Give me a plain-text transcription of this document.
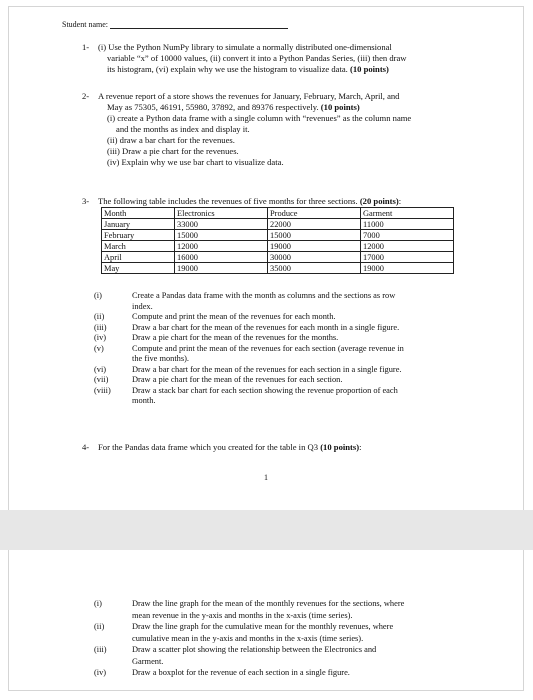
Student name:
1- (i) Use the Python NumPy library to simulate a normally distributed one-dimensional
variable “x” of 10000 values, (ii) convert it into a Python Pandas Series, (iii) then draw
its histogram, (vi) explain why we use the histogram to visualize data. (10 points)
2- A revenue report of a store shows the revenues for January, February, March, April, and
May as 75305, 46191, 55980, 37892, and 89376 respectively. (10 points)
(i) create a Python data frame with a single column with “revenues” as the column name
and the months as index and display it.
(ii) draw a bar chart for the revenues.
(iii) Draw a pie chart for the revenues.
(iv) Explain why we use bar chart to visualize data.
3- The following table includes the revenues of five months for three sections. (20 points):
Month	Electronics	Produce	Garment
January	33000	22000	11000
February	15000	15000	7000
March	12000	19000	12000
April	16000	30000	17000
May	19000	35000	19000
(i)	Create a Pandas data frame with the month as columns and the sections as row
index.
(ii)	Compute and print the mean of the revenues for each month.
(iii)	Draw a bar chart for the mean of the revenues for each month in a single figure.
(iv)	Draw a pie chart for the mean of the revenues for the months.
(v)	Compute and print the mean of the revenues for each section (average revenue in
the five months).
(vi)	Draw a bar chart for the mean of the revenues for each section in a single figure.
(vii)	Draw a pie chart for the mean of the revenues for each section.
(viii)	Draw a stack bar chart for each section showing the revenue proportion of each
month.
4- For the Pandas data frame which you created for the table in Q3 (10 points):
1
(i)	Draw the line graph for the mean of the monthly revenues for the sections, where
mean revenue in the y-axis and months in the x-axis (time series).
(ii)	Draw the line graph for the cumulative mean for the monthly revenues, where
cumulative mean in the y-axis and months in the x-axis (time series).
(iii)	Draw a scatter plot showing the relationship between the Electronics and
Garment.
(iv)	Draw a boxplot for the revenue of each section in a single figure.
